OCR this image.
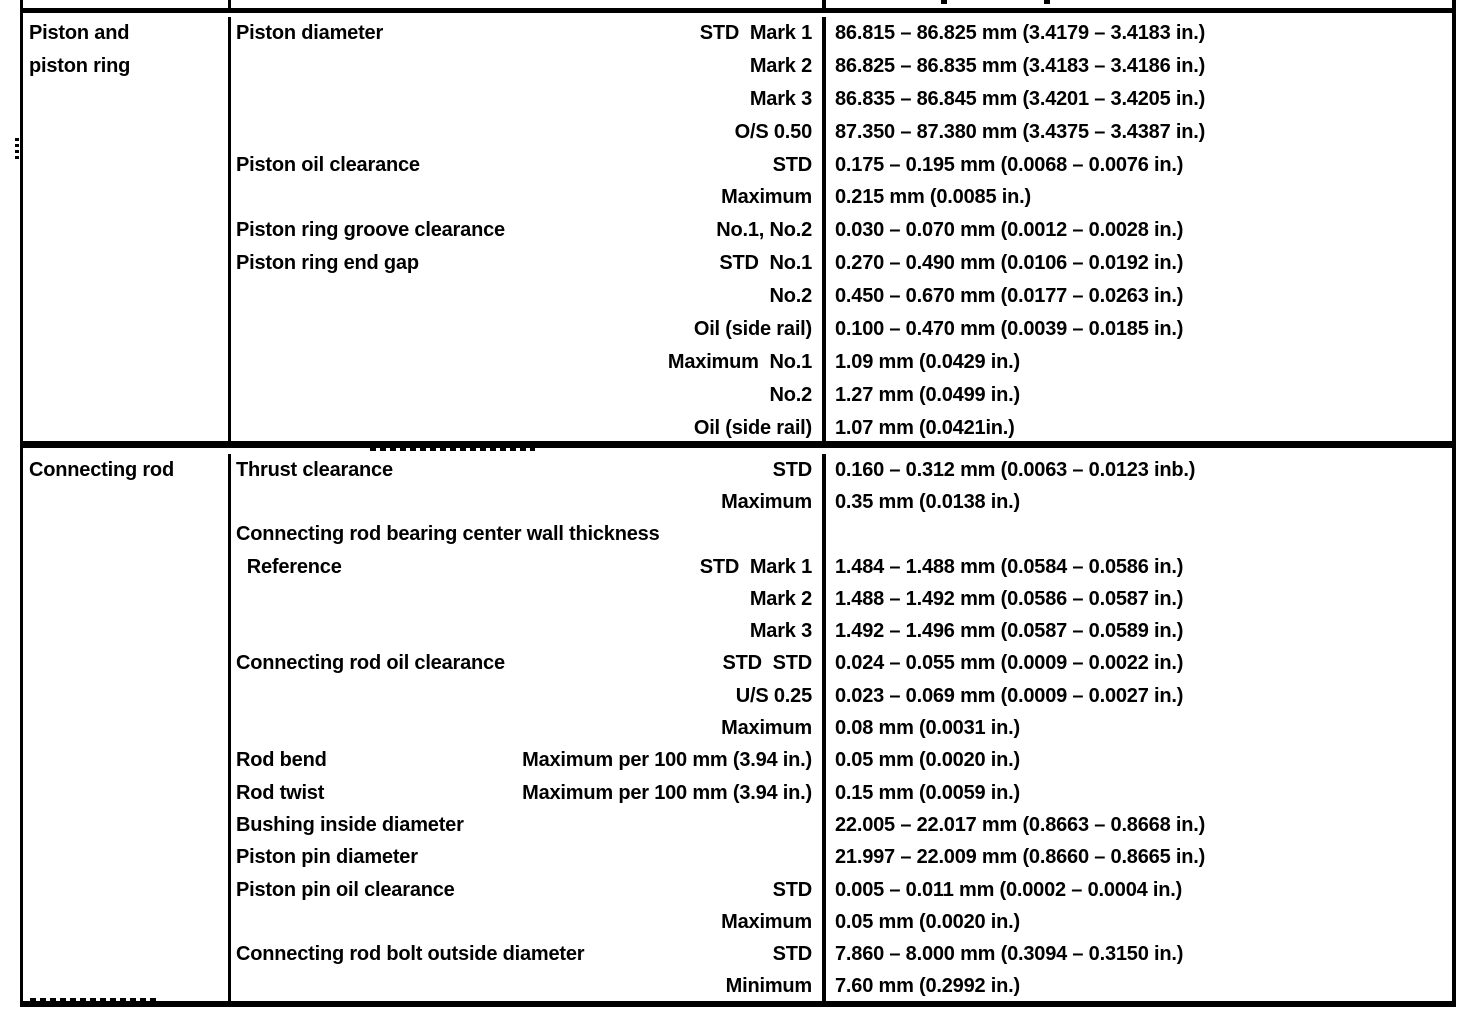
Piston and
piston ring
Piston diameter	STD  Mark 1	86.815 – 86.825 mm (3.4179 – 3.4183 in.)
Mark 2	86.825 – 86.835 mm (3.4183 – 3.4186 in.)
Mark 3	86.835 – 86.845 mm (3.4201 – 3.4205 in.)
O/S 0.50	87.350 – 87.380 mm (3.4375 – 3.4387 in.)
Piston oil clearance	STD	0.175 – 0.195 mm (0.0068 – 0.0076 in.)
Maximum	0.215 mm (0.0085 in.)
Piston ring groove clearance	No.1, No.2	0.030 – 0.070 mm (0.0012 – 0.0028 in.)
Piston ring end gap	STD  No.1	0.270 – 0.490 mm (0.0106 – 0.0192 in.)
No.2	0.450 – 0.670 mm (0.0177 – 0.0263 in.)
Oil (side rail)	0.100 – 0.470 mm (0.0039 – 0.0185 in.)
Maximum  No.1	1.09 mm (0.0429 in.)
No.2	1.27 mm (0.0499 in.)
Oil (side rail)	1.07 mm (0.0421in.)
Connecting rod	Thrust clearance	STD	0.160 – 0.312 mm (0.0063 – 0.0123 inb.)
Maximum	0.35 mm (0.0138 in.)
Connecting rod bearing center wall thickness
Reference	STD  Mark 1	1.484 – 1.488 mm (0.0584 – 0.0586 in.)
Mark 2	1.488 – 1.492 mm (0.0586 – 0.0587 in.)
Mark 3	1.492 – 1.496 mm (0.0587 – 0.0589 in.)
Connecting rod oil clearance	STD  STD	0.024 – 0.055 mm (0.0009 – 0.0022 in.)
U/S 0.25	0.023 – 0.069 mm (0.0009 – 0.0027 in.)
Maximum	0.08 mm (0.0031 in.)
Rod bend	Maximum per 100 mm (3.94 in.)	0.05 mm (0.0020 in.)
Rod twist	Maximum per 100 mm (3.94 in.)	0.15 mm (0.0059 in.)
Bushing inside diameter	22.005 – 22.017 mm (0.8663 – 0.8668 in.)
Piston pin diameter	21.997 – 22.009 mm (0.8660 – 0.8665 in.)
Piston pin oil clearance	STD	0.005 – 0.011 mm (0.0002 – 0.0004 in.)
Maximum	0.05 mm (0.0020 in.)
Connecting rod bolt outside diameter	STD	7.860 – 8.000 mm (0.3094 – 0.3150 in.)
Minimum	7.60 mm (0.2992 in.)
